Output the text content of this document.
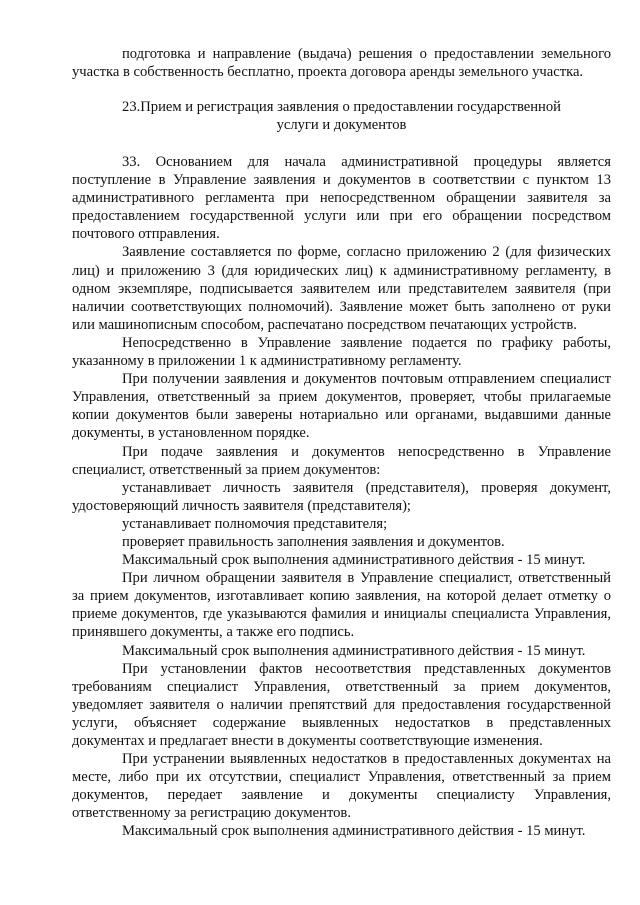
подготовка и направление (выдача) решения о предоставлении земельного участка в собственность бесплатно, проекта договора аренды земельного участка.

23.Прием и регистрация заявления о предоставлении государственной
услуги и документов

33. Основанием для начала административной процедуры является поступление в Управление заявления и документов в соответствии с пунктом 13 административного регламента при непосредственном обращении заявителя за предоставлением государственной услуги или при его обращении посредством почтового отправления.

Заявление составляется по форме, согласно приложению 2 (для физических лиц) и приложению 3 (для юридических лиц) к административному регламенту, в одном экземпляре, подписывается заявителем или представителем заявителя (при наличии соответствующих полномочий). Заявление может быть заполнено от руки или машинописным способом, распечатано посредством печатающих устройств.

Непосредственно в Управление заявление подается по графику работы, указанному в приложении 1 к административному регламенту.

При получении заявления и документов почтовым отправлением специалист Управления, ответственный за прием документов, проверяет, чтобы прилагаемые копии документов были заверены нотариально или органами, выдавшими данные документы, в установленном порядке.

При подаче заявления и документов непосредственно в Управление специалист, ответственный за прием документов:

устанавливает личность заявителя (представителя), проверяя документ, удостоверяющий личность заявителя (представителя);

устанавливает полномочия представителя;

проверяет правильность заполнения заявления и документов.

Максимальный срок выполнения административного действия - 15 минут.

При личном обращении заявителя в Управление специалист, ответственный за прием документов, изготавливает копию заявления, на которой делает отметку о приеме документов, где указываются фамилия и инициалы специалиста Управления, принявшего документы, а также его подпись.

Максимальный срок выполнения административного действия - 15 минут.

При установлении фактов несоответствия представленных документов требованиям специалист Управления, ответственный за прием документов, уведомляет заявителя о наличии препятствий для предоставления государственной услуги, объясняет содержание выявленных недостатков в представленных документах и предлагает внести в документы соответствующие изменения.

При устранении выявленных недостатков в предоставленных документах на месте, либо при их отсутствии, специалист Управления, ответственный за прием документов, передает заявление и документы специалисту Управления, ответственному за регистрацию документов.

Максимальный срок выполнения административного действия - 15 минут.
